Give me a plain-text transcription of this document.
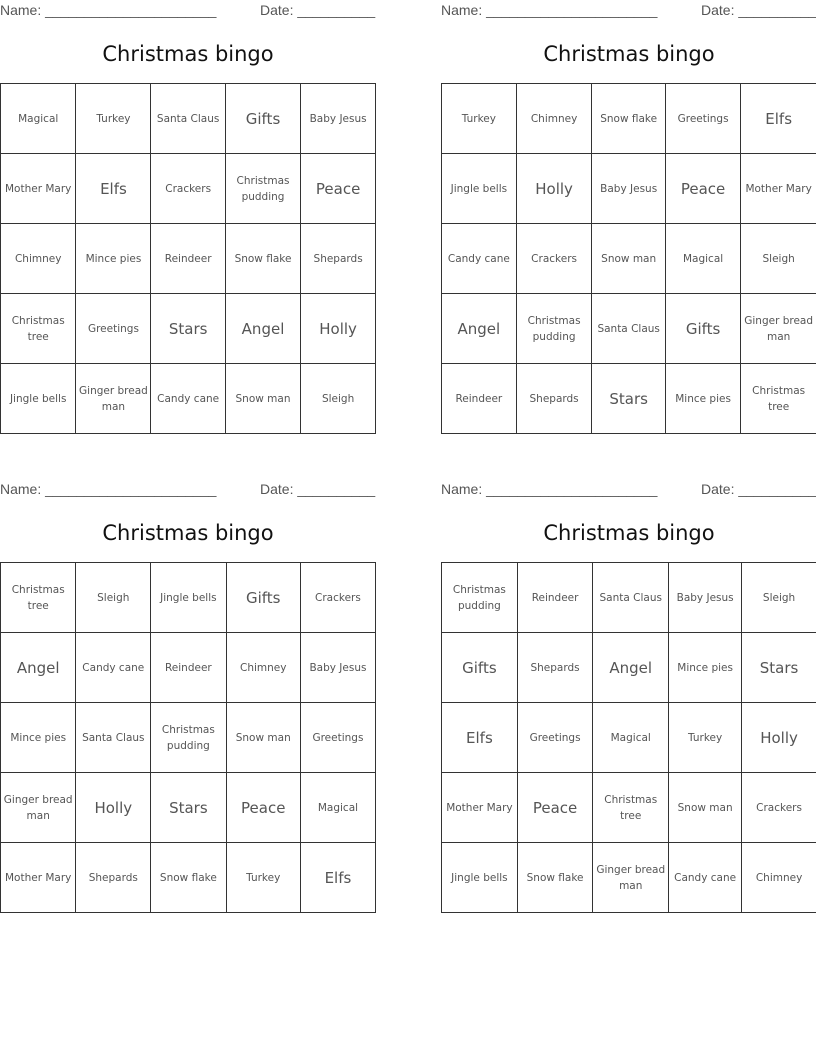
Name: ______________________	Date: __________
Christmas bingo
Magical	Turkey	Santa Claus	Gifts	Baby Jesus
Mother Mary	Elfs	Crackers	Christmas pudding	Peace
Chimney	Mince pies	Reindeer	Snow flake	Shepards
Christmas tree	Greetings	Stars	Angel	Holly
Jingle bells	Ginger bread man	Candy cane	Snow man	Sleigh
Name: ______________________	Date: __________
Christmas bingo
Turkey	Chimney	Snow flake	Greetings	Elfs
Jingle bells	Holly	Baby Jesus	Peace	Mother Mary
Candy cane	Crackers	Snow man	Magical	Sleigh
Angel	Christmas pudding	Santa Claus	Gifts	Ginger bread man
Reindeer	Shepards	Stars	Mince pies	Christmas tree
Name: ______________________	Date: __________
Christmas bingo
Christmas tree	Sleigh	Jingle bells	Gifts	Crackers
Angel	Candy cane	Reindeer	Chimney	Baby Jesus
Mince pies	Santa Claus	Christmas pudding	Snow man	Greetings
Ginger bread man	Holly	Stars	Peace	Magical
Mother Mary	Shepards	Snow flake	Turkey	Elfs
Name: ______________________	Date: __________
Christmas bingo
Christmas pudding	Reindeer	Santa Claus	Baby Jesus	Sleigh
Gifts	Shepards	Angel	Mince pies	Stars
Elfs	Greetings	Magical	Turkey	Holly
Mother Mary	Peace	Christmas tree	Snow man	Crackers
Jingle bells	Snow flake	Ginger bread man	Candy cane	Chimney
